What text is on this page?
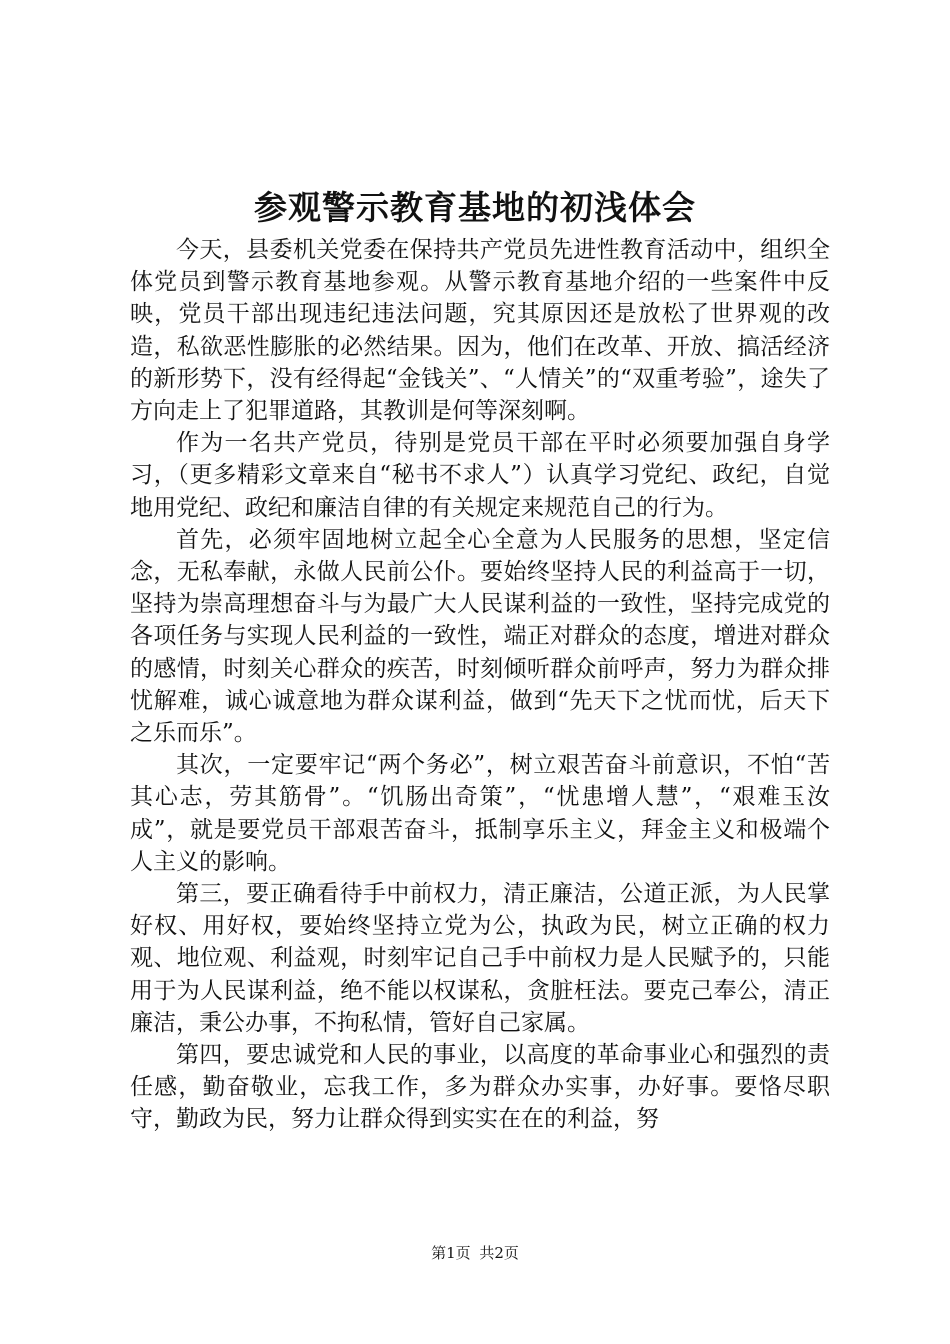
参观警示教育基地的初浅体会

今天，县委机关党委在保持共产党员先进性教育活动中，组织全体党员到警示教育基地参观。从警示教育基地介绍的一些案件中反映，党员干部出现违纪违法问题，究其原因还是放松了世界观的改造，私欲恶性膨胀的必然结果。因为，他们在改革、开放、搞活经济的新形势下，没有经得起“金钱关”、“人情关”的“双重考验”，途失了方向走上了犯罪道路，其教训是何等深刻啊。

作为一名共产党员，待别是党员干部在平时必须要加强自身学习，（更多精彩文章来自“秘书不求人”）认真学习党纪、政纪，自觉地用党纪、政纪和廉洁自律的有关规定来规范自己的行为。

首先，必须牢固地树立起全心全意为人民服务的思想，坚定信念，无私奉献，永做人民前公仆。要始终坚持人民的利益高于一切，坚持为崇高理想奋斗与为最广大人民谋利益的一致性，坚持完成党的各项任务与实现人民利益的一致性，端正对群众的态度，增进对群众的感情，时刻关心群众的疾苦，时刻倾听群众前呼声，努力为群众排忧解难，诚心诚意地为群众谋利益，做到“先天下之忧而忧，后天下之乐而乐”。

其次，一定要牢记“两个务必”，树立艰苦奋斗前意识，不怕“苦其心志，劳其筋骨”。“饥肠出奇策”，“忧患增人慧”，“艰难玉汝成”，就是要党员干部艰苦奋斗，抵制享乐主义，拜金主义和极端个人主义的影响。

第三，要正确看待手中前权力，清正廉洁，公道正派，为人民掌好权、用好权，要始终坚持立党为公，执政为民，树立正确的权力观、地位观、利益观，时刻牢记自己手中前权力是人民赋予的，只能用于为人民谋利益，绝不能以权谋私，贪脏枉法。要克己奉公，清正廉洁，秉公办事，不拘私情，管好自己家属。

第四，要忠诚党和人民的事业，以高度的革命事业心和强烈的责任感，勤奋敬业，忘我工作，多为群众办实事，办好事。要恪尽职守，勤政为民，努力让群众得到实实在在的利益，努

第1页 共2页
